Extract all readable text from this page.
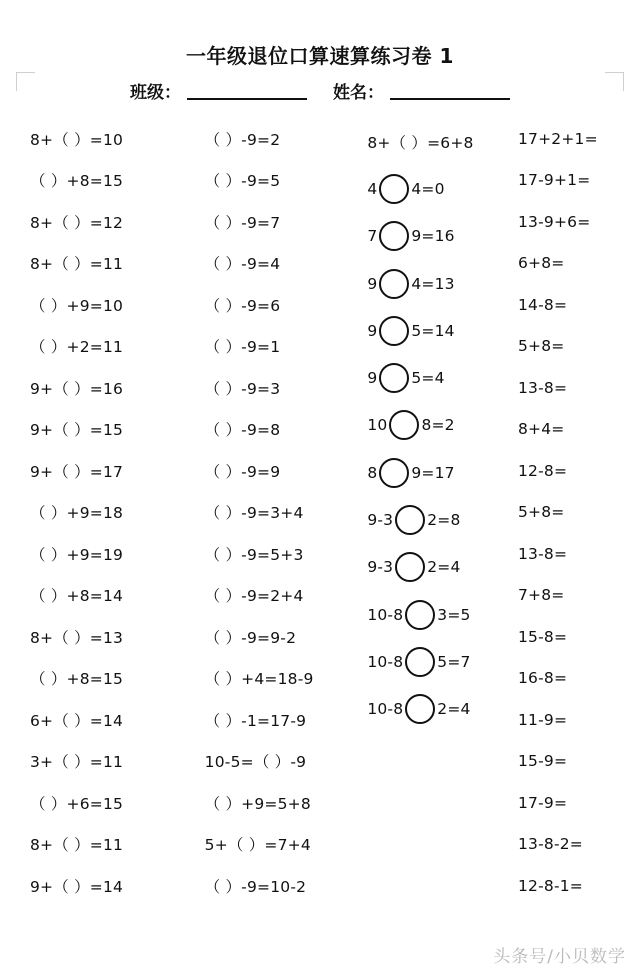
一年级退位口算速算练习卷 1
班级：	姓名：
8+（ ）=10
（ ）+8=15
8+（ ）=12
8+（ ）=11
（ ）+9=10
（ ）+2=11
9+（ ）=16
9+（ ）=15
9+（ ）=17
（ ）+9=18
（ ）+9=19
（ ）+8=14
8+（ ）=13
（ ）+8=15
6+（ ）=14
3+（ ）=11
（ ）+6=15
8+（ ）=11
9+（ ）=14
（ ）-9=2
（ ）-9=5
（ ）-9=7
（ ）-9=4
（ ）-9=6
（ ）-9=1
（ ）-9=3
（ ）-9=8
（ ）-9=9
（ ）-9=3+4
（ ）-9=5+3
（ ）-9=2+4
（ ）-9=9-2
（ ）+4=18-9
（ ）-1=17-9
10-5=（ ）-9
（ ）+9=5+8
5+（ ）=7+4
（ ）-9=10-2
8+（ ）=6+8
4 4=0
7 9=16
9 4=13
9 5=14
9 5=4
10 8=2
8 9=17
9-3 2=8
9-3 2=4
10-8 3=5
10-8 5=7
10-8 2=4
17+2+1=
17-9+1=
13-9+6=
6+8=
14-8=
5+8=
13-8=
8+4=
12-8=
5+8=
13-8=
7+8=
15-8=
16-8=
11-9=
15-9=
17-9=
13-8-2=
12-8-1=
头条号/小贝数学
